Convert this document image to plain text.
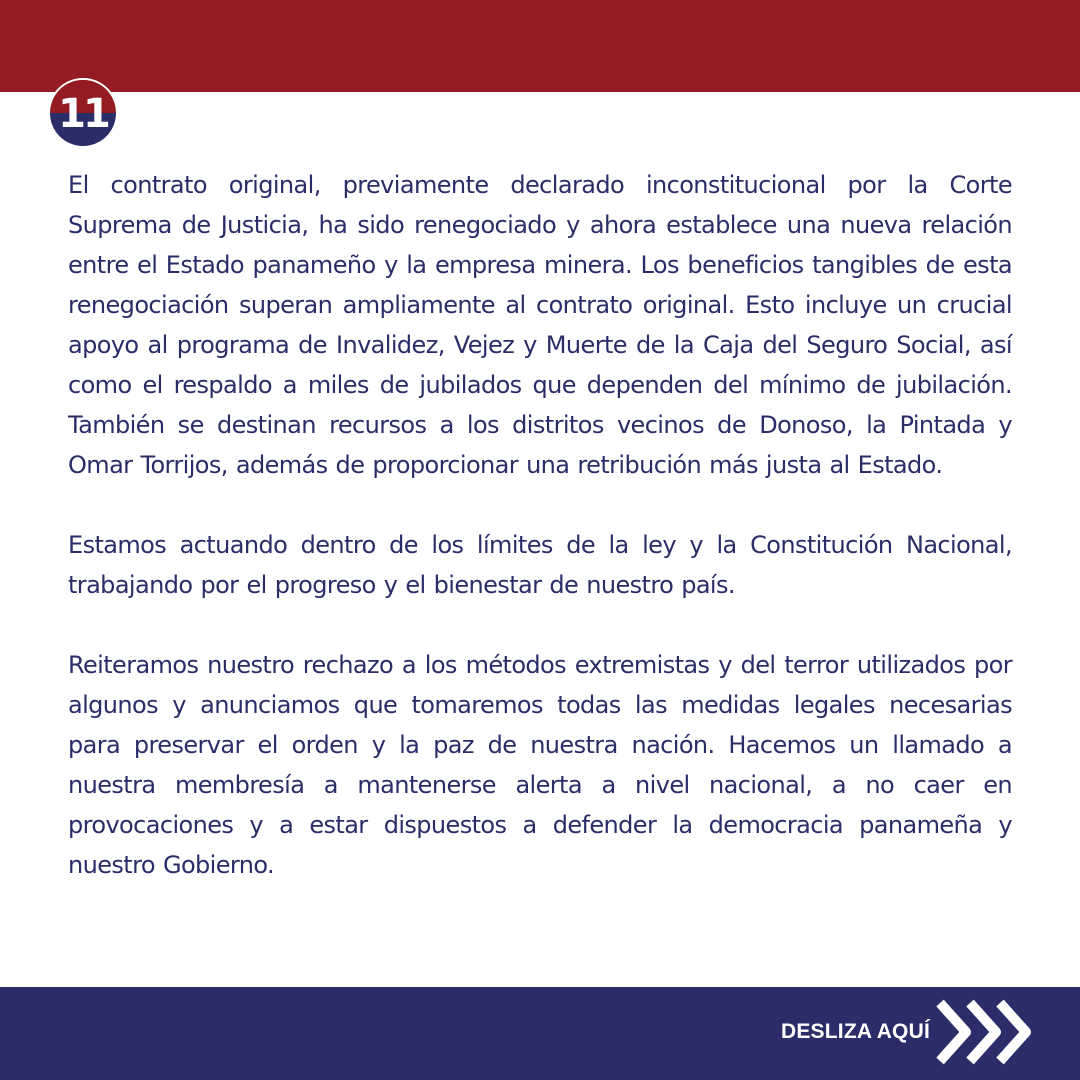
11

El contrato original, previamente declarado inconstitucional por la Corte Suprema de Justicia, ha sido renegociado y ahora establece una nueva relación entre el Estado panameño y la empresa minera. Los beneficios tangibles de esta renegociación superan ampliamente al contrato original. Esto incluye un crucial apoyo al programa de Invalidez, Vejez y Muerte de la Caja del Seguro Social, así como el respaldo a miles de jubilados que dependen del mínimo de jubilación. También se destinan recursos a los distritos vecinos de Donoso, la Pintada y Omar Torrijos, además de proporcionar una retribución más justa al Estado.

Estamos actuando dentro de los límites de la ley y la Constitución Nacional, trabajando por el progreso y el bienestar de nuestro país.

Reiteramos nuestro rechazo a los métodos extremistas y del terror utilizados por algunos y anunciamos que tomaremos todas las medidas legales necesarias para preservar el orden y la paz de nuestra nación. Hacemos un llamado a nuestra membresía a mantenerse alerta a nivel nacional, a no caer en provocaciones y a estar dispuestos a defender la democracia panameña y nuestro Gobierno.

DESLIZA AQUÍ
